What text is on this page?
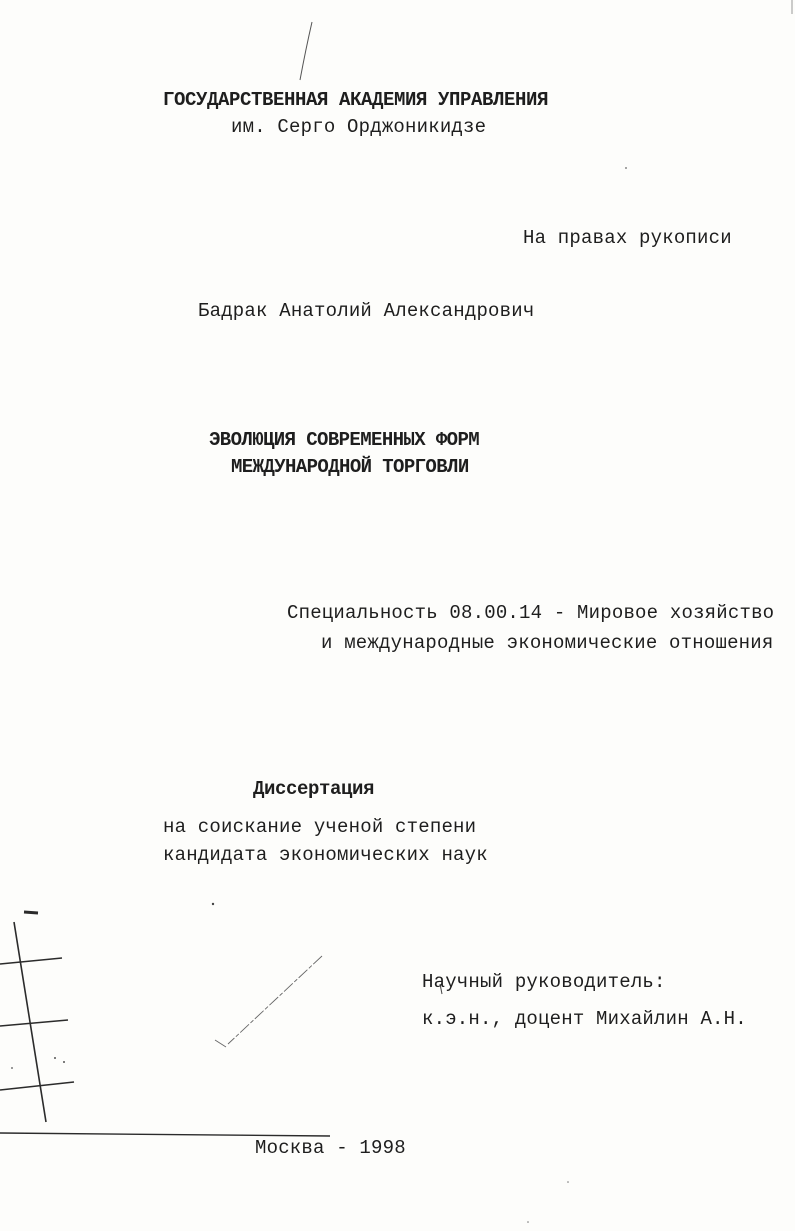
ГОСУДАРСТВЕННАЯ АКАДЕМИЯ УПРАВЛЕНИЯ
им. Серго Орджоникидзе
На правах рукописи
Бадрак Анатолий Александрович
ЭВОЛЮЦИЯ СОВРЕМЕННЫХ ФОРМ
МЕЖДУНАРОДНОЙ ТОРГОВЛИ
Специальность 08.00.14 - Мировое хозяйство
и международные экономические отношения
Диссертация
на соискание ученой степени
кандидата экономических наук
Научный руководитель:
к.э.н., доцент Михайлин А.Н.
Москва - 1998
